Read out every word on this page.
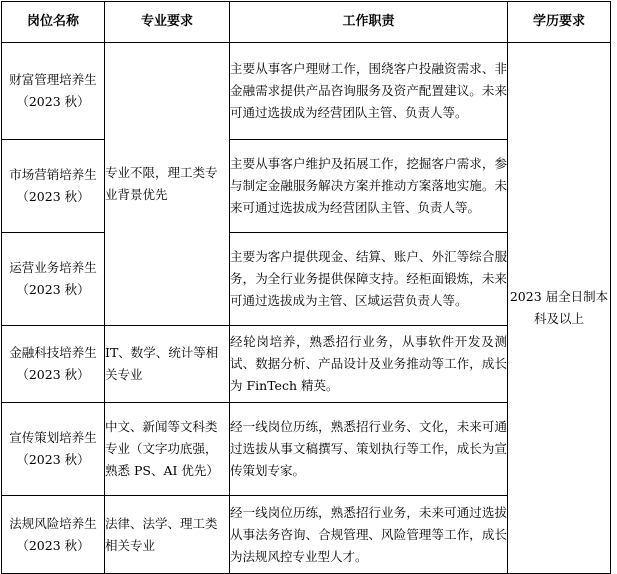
岗位名称	专业要求	工作职责	学历要求

财富管理培养生
（2023 秋）	专业不限，理工类专业背景优先	主要从事客户理财工作，围绕客户投融资需求、非金融需求提供产品咨询服务及资产配置建议。未来可通过选拔成为经营团队主管、负责人等。	2023 届全日制本科及以上

市场营销培养生
（2023 秋）		主要从事客户维护及拓展工作，挖掘客户需求，参与制定金融服务解决方案并推动方案落地实施。未来可通过选拔成为经营团队主管、负责人等。	

运营业务培养生
（2023 秋）		主要为客户提供现金、结算、账户、外汇等综合服务，为全行业务提供保障支持。经柜面锻炼，未来可通过选拔成为主管、区域运营负责人等。	

金融科技培养生
（2023 秋）	IT、数学、统计等相关专业	经轮岗培养，熟悉招行业务，从事软件开发及测试、数据分析、产品设计及业务推动等工作，成长为 FinTech 精英。	

宣传策划培养生
（2023 秋）	中文、新闻等文科类专业（文字功底强，熟悉 PS、AI 优先）	经一线岗位历练，熟悉招行业务、文化，未来可通过选拔从事文稿撰写、策划执行等工作，成长为宣传策划专家。	

法规风险培养生
（2023 秋）	法律、法学、理工类相关专业	经一线岗位历练，熟悉招行业务，未来可通过选拔从事法务咨询、合规管理、风险管理等工作，成长为法规风控专业型人才。	
